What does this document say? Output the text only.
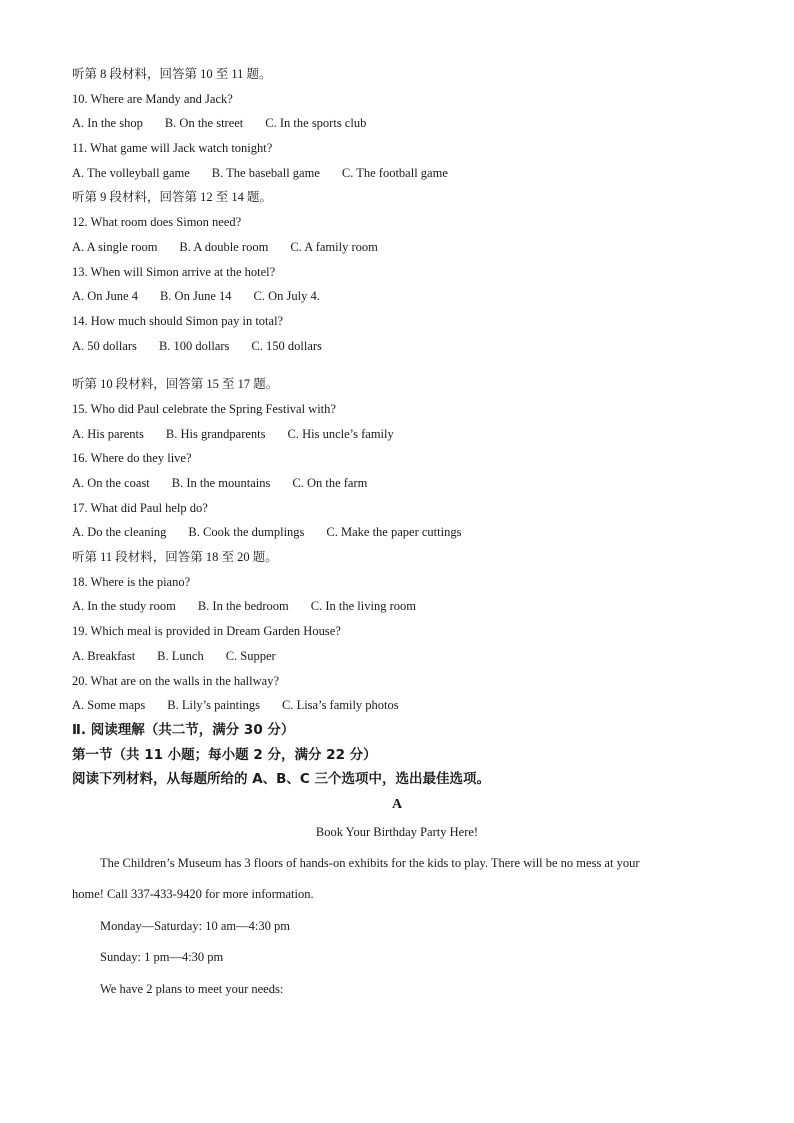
听第 8 段材料，回答第 10 至 11 题。
10. Where are Mandy and Jack?
A. In the shop B. On the street C. In the sports club
11. What game will Jack watch tonight?
A. The volleyball game B. The baseball game C. The football game
听第 9 段材料，回答第 12 至 14 题。
12. What room does Simon need?
A. A single room B. A double room C. A family room
13. When will Simon arrive at the hotel?
A. On June 4 B. On June 14 C. On July 4.
14. How much should Simon pay in total?
A. 50 dollars B. 100 dollars C. 150 dollars
听第 10 段材料，回答第 15 至 17 题。
15. Who did Paul celebrate the Spring Festival with?
A. His parents B. His grandparents C. His uncle’s family
16. Where do they live?
A. On the coast B. In the mountains C. On the farm
17. What did Paul help do?
A. Do the cleaning B. Cook the dumplings C. Make the paper cuttings
听第 11 段材料，回答第 18 至 20 题。
18. Where is the piano?
A. In the study room B. In the bedroom C. In the living room
19. Which meal is provided in Dream Garden House?
A. Breakfast B. Lunch C. Supper
20. What are on the walls in the hallway?
A. Some maps B. Lily’s paintings C. Lisa’s family photos
Ⅱ. 阅读理解（共二节，满分 30 分）
第一节（共 11 小题；每小题 2 分，满分 22 分）
阅读下列材料，从每题所给的 A、B、C 三个选项中，选出最佳选项。
A
Book Your Birthday Party Here!
The Children’s Museum has 3 floors of hands-on exhibits for the kids to play. There will be no mess at your
home! Call 337-433-9420 for more information.
Monday—Saturday: 10 am—4:30 pm
Sunday: 1 pm—4:30 pm
We have 2 plans to meet your needs:
